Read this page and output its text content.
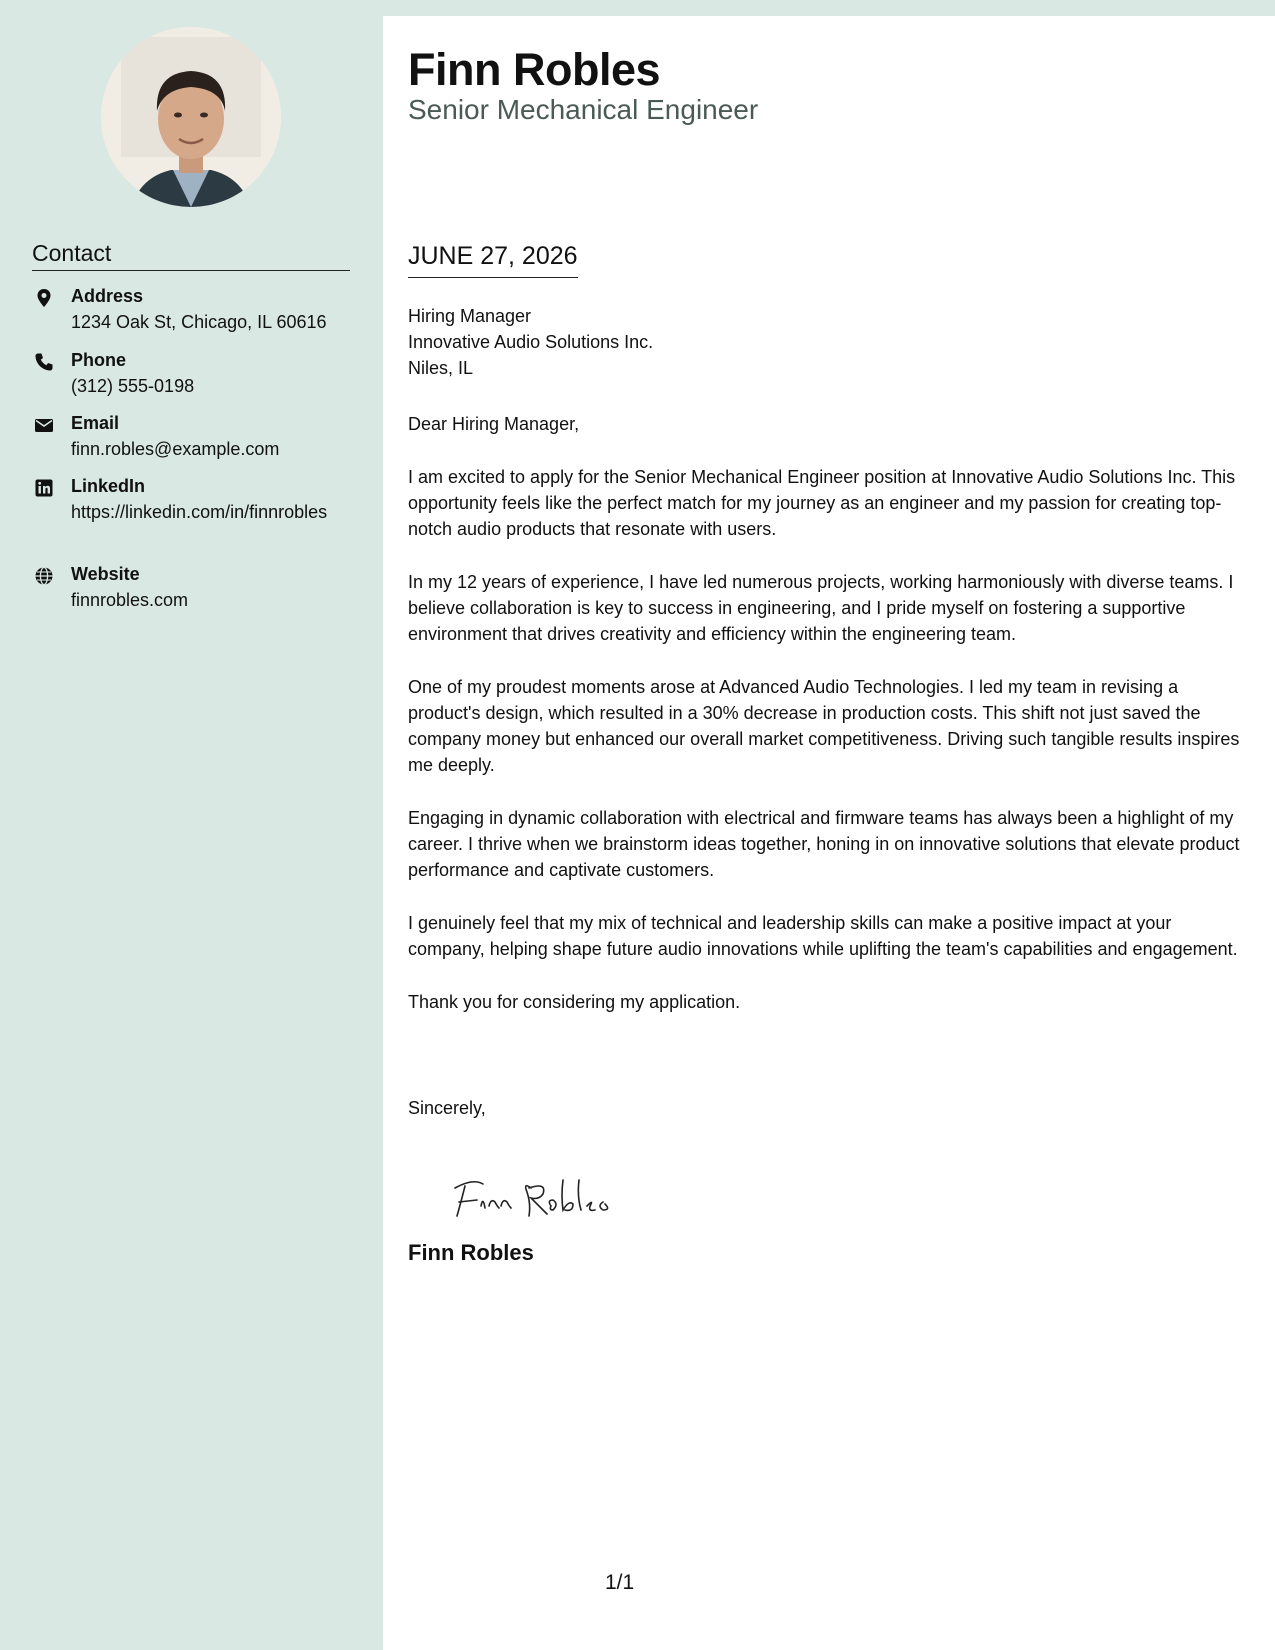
Contact
Address
1234 Oak St, Chicago, IL 60616
Phone
(312) 555-0198
Email
finn.robles@example.com
LinkedIn
https://linkedin.com/in/finnrobles
Website
finnrobles.com
Finn Robles
Senior Mechanical Engineer
JUNE 27, 2026
Hiring Manager
Innovative Audio Solutions Inc.
Niles, IL

Dear Hiring Manager,

I am excited to apply for the Senior Mechanical Engineer position at Innovative Audio Solutions Inc. This opportunity feels like the perfect match for my journey as an engineer and my passion for creating top-notch audio products that resonate with users.

In my 12 years of experience, I have led numerous projects, working harmoniously with diverse teams. I believe collaboration is key to success in engineering, and I pride myself on fostering a supportive environment that drives creativity and efficiency within the engineering team.

One of my proudest moments arose at Advanced Audio Technologies. I led my team in revising a product's design, which resulted in a 30% decrease in production costs. This shift not just saved the company money but enhanced our overall market competitiveness. Driving such tangible results inspires me deeply.

Engaging in dynamic collaboration with electrical and firmware teams has always been a highlight of my career. I thrive when we brainstorm ideas together, honing in on innovative solutions that elevate product performance and captivate customers.

I genuinely feel that my mix of technical and leadership skills can make a positive impact at your company, helping shape future audio innovations while uplifting the team's capabilities and engagement.

Thank you for considering my application.

Sincerely,
Finn Robles
1/1
